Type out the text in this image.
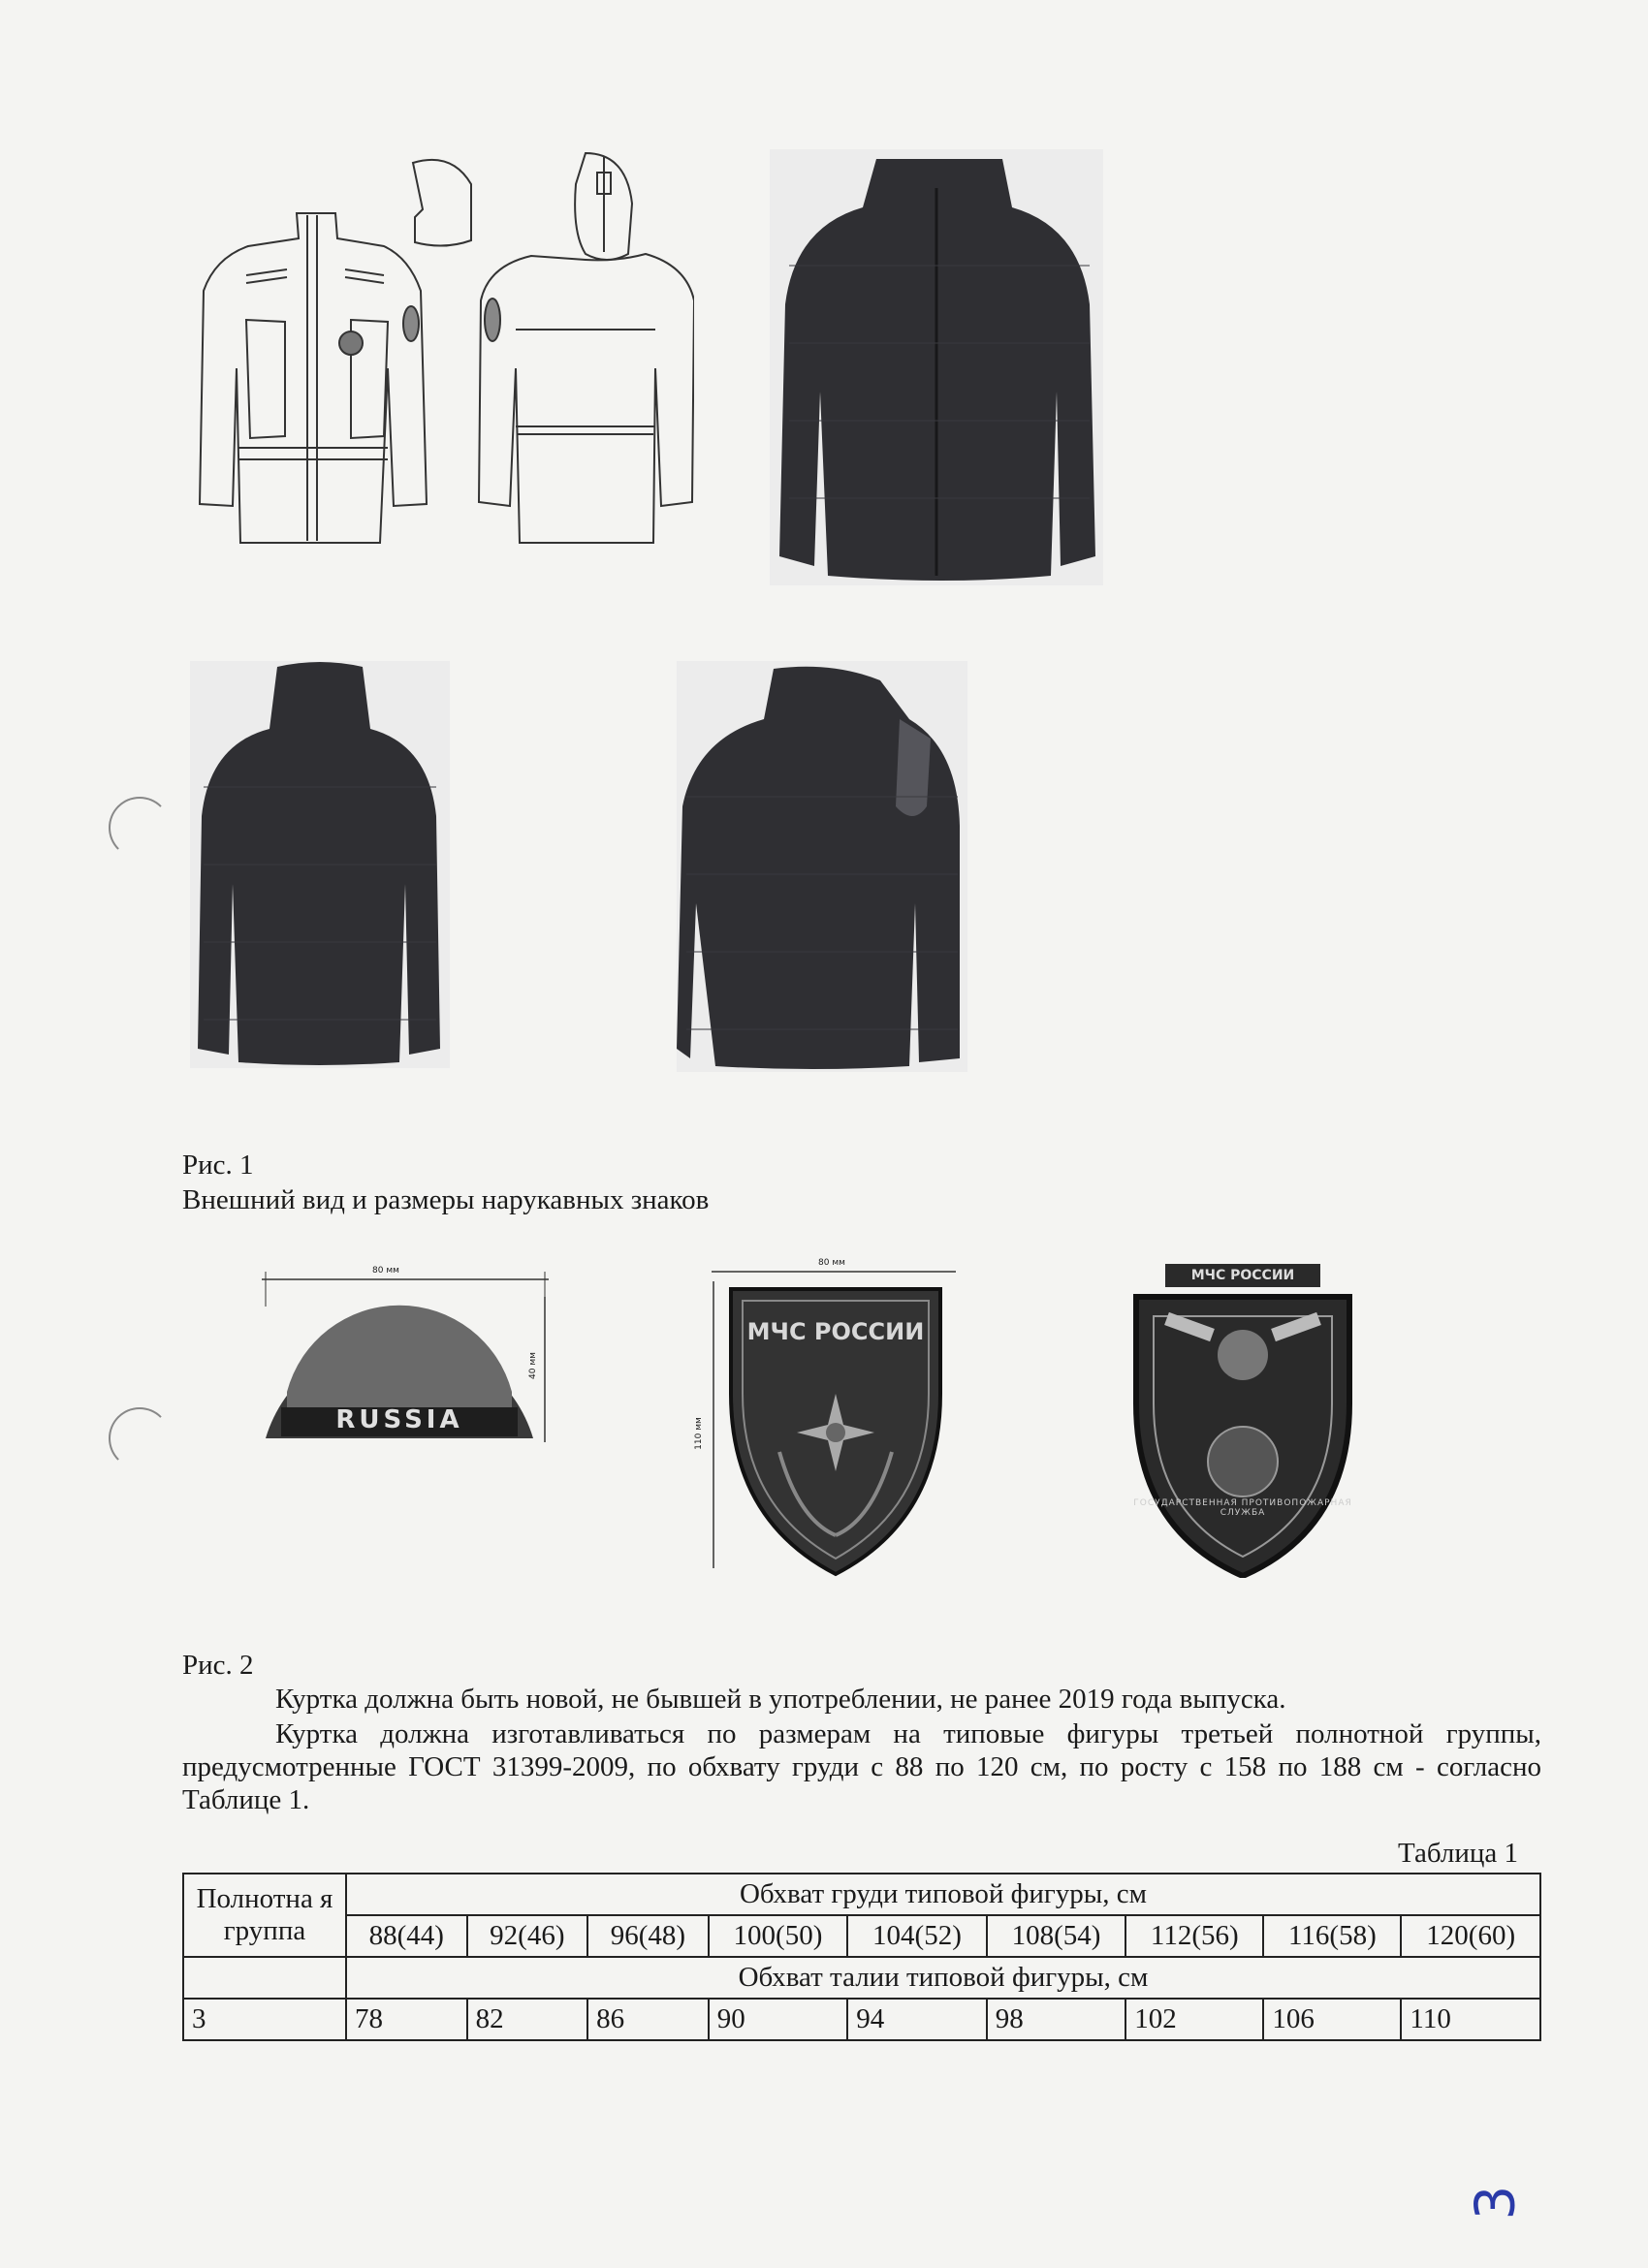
Рис. 1
Внешний вид и размеры нарукавных знаков
80 мм
40 мм
RUSSIA
80 мм
110 мм
МЧС РОССИИ
МЧС РОССИИ
ГОСУДАРСТВЕННАЯ ПРОТИВОПОЖАРНАЯ СЛУЖБА
Рис. 2
Куртка должна быть новой, не бывшей в употреблении, не ранее 2019 года выпуска.
Куртка должна изготавливаться по размерам на типовые фигуры третьей полнотной группы, предусмотренные ГОСТ 31399-2009, по обхвату груди с 88 по 120 см, по росту с 158 по 188 см - согласно Таблице 1.
Таблица 1
Полнотна я группа	Обхват груди типовой фигуры, см								
	88(44)	92(46)	96(48)	100(50)	104(52)	108(54)	112(56)	116(58)	120(60)
	Обхват талии типовой фигуры, см								
3	78	82	86	90	94	98	102	106	110
3
